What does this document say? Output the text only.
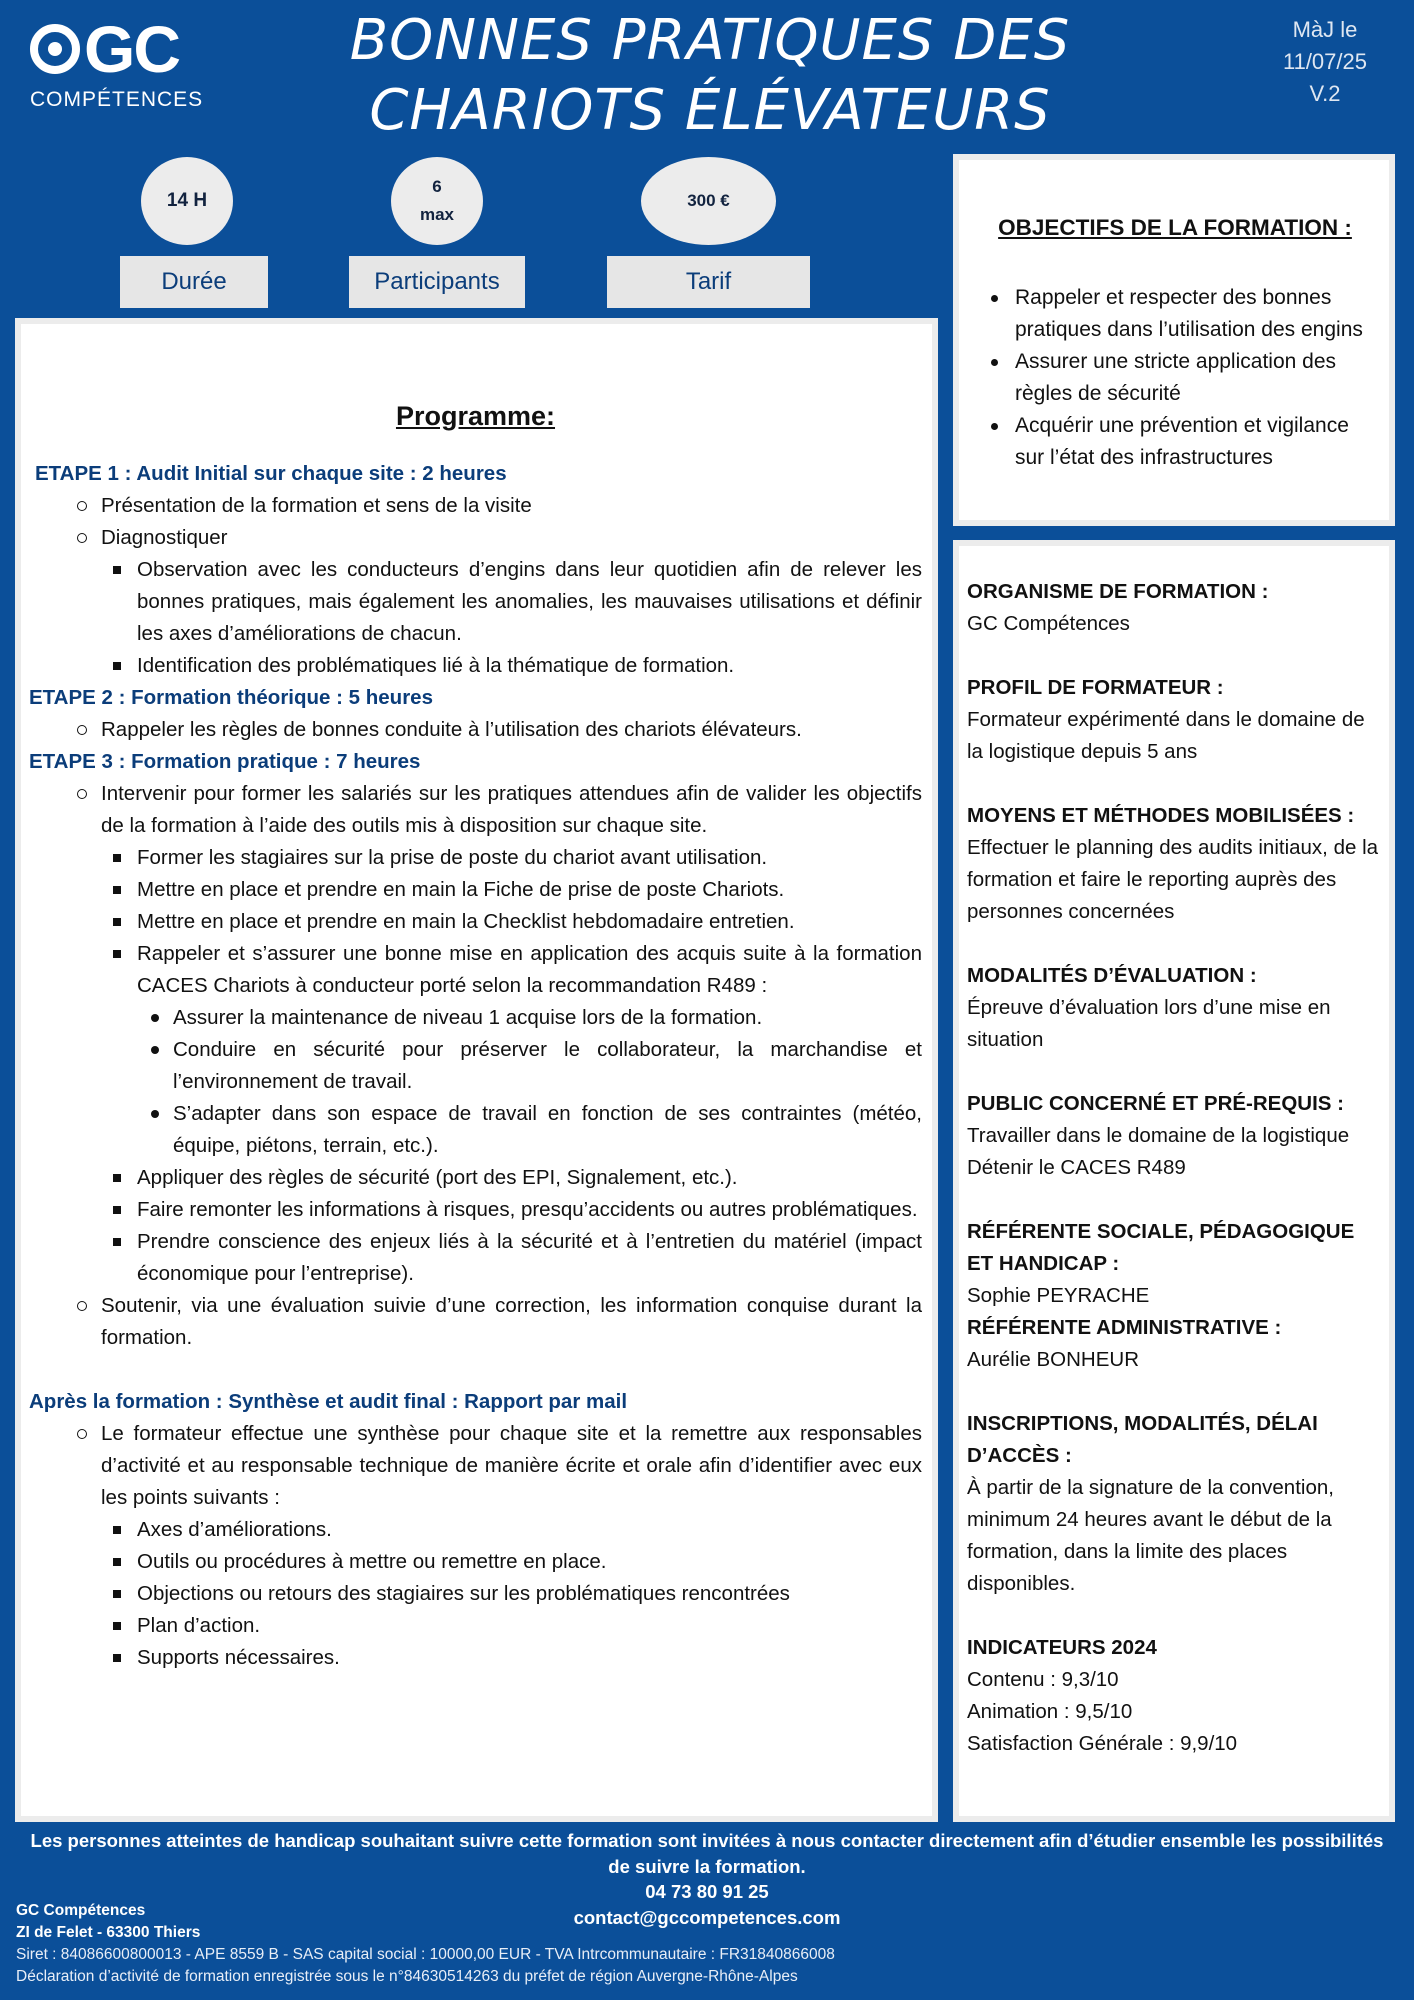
GC
COMPÉTENCES
BONNES PRATIQUES DES
CHARIOTS ÉLÉVATEURS
MàJ le
11/07/25
V.2
14 H
6
max
300 €
Durée	Participants	Tarif
Programme:
ETAPE 1 : Audit Initial sur chaque site : 2 heures
Présentation de la formation et sens de la visite
Diagnostiquer
Observation avec les conducteurs d’engins dans leur quotidien afin de relever les bonnes pratiques, mais également les anomalies, les mauvaises utilisations et définir les axes d’améliorations de chacun.
Identification des problématiques lié à la thématique de formation.
ETAPE 2 : Formation théorique : 5 heures
Rappeler les règles de bonnes conduite à l’utilisation des chariots élévateurs.
ETAPE 3 : Formation pratique : 7 heures
Intervenir pour former les salariés sur les pratiques attendues afin de valider les objectifs de la formation à l’aide des outils mis à disposition sur chaque site.
Former les stagiaires sur la prise de poste du chariot avant utilisation.
Mettre en place et prendre en main la Fiche de prise de poste Chariots.
Mettre en place et prendre en main la Checklist hebdomadaire entretien.
Rappeler et s’assurer une bonne mise en application des acquis suite à la formation CACES Chariots à conducteur porté selon la recommandation R489 :
Assurer la maintenance de niveau 1 acquise lors de la formation.
Conduire en sécurité pour préserver le collaborateur, la marchandise et l’environnement de travail.
S’adapter dans son espace de travail en fonction de ses contraintes (météo, équipe, piétons, terrain, etc.).
Appliquer des règles de sécurité (port des EPI, Signalement, etc.).
Faire remonter les informations à risques, presqu’accidents ou autres problématiques.
Prendre conscience des enjeux liés à la sécurité et à l’entretien du matériel (impact économique pour l’entreprise).
Soutenir, via une évaluation suivie d’une correction, les information conquise durant la formation.
Après la formation : Synthèse et audit final : Rapport par mail
Le formateur effectue une synthèse pour chaque site et la remettre aux responsables d’activité et au responsable technique de manière écrite et orale afin d’identifier avec eux les points suivants :
Axes d’améliorations.
Outils ou procédures à mettre ou remettre en place.
Objections ou retours des stagiaires sur les problématiques rencontrées
Plan d’action.
Supports nécessaires.
OBJECTIFS DE LA FORMATION :
Rappeler et respecter des bonnes pratiques dans l’utilisation des engins
Assurer une stricte application des règles de sécurité
Acquérir une prévention et vigilance sur l’état des infrastructures
ORGANISME DE FORMATION :
GC Compétences
PROFIL DE FORMATEUR :
Formateur expérimenté dans le domaine de la logistique depuis 5 ans
MOYENS ET MÉTHODES MOBILISÉES :
Effectuer le planning des audits initiaux, de la formation et faire le reporting auprès des personnes concernées
MODALITÉS D’ÉVALUATION :
Épreuve d’évaluation lors d’une mise en situation
PUBLIC CONCERNÉ ET PRÉ-REQUIS :
Travailler dans le domaine de la logistique
Détenir le CACES R489
RÉFÉRENTE SOCIALE, PÉDAGOGIQUE ET HANDICAP :
Sophie PEYRACHE
RÉFÉRENTE ADMINISTRATIVE :
Aurélie BONHEUR
INSCRIPTIONS, MODALITÉS, DÉLAI D’ACCÈS :
À partir de la signature de la convention, minimum 24 heures avant le début de la formation, dans la limite des places disponibles.
INDICATEURS 2024
Contenu : 9,3/10
Animation : 9,5/10
Satisfaction Générale : 9,9/10
Les personnes atteintes de handicap souhaitant suivre cette formation sont invitées à nous contacter directement afin d’étudier ensemble les possibilités de suivre la formation.
04 73 80 91 25
contact@gccompetences.com
GC Compétences
ZI de Felet - 63300 Thiers
Siret : 84086600800013 - APE 8559 B - SAS capital social : 10000,00 EUR - TVA Intrcommunautaire : FR31840866008
Déclaration d’activité de formation enregistrée sous le n°84630514263 du préfet de région Auvergne-Rhône-Alpes
